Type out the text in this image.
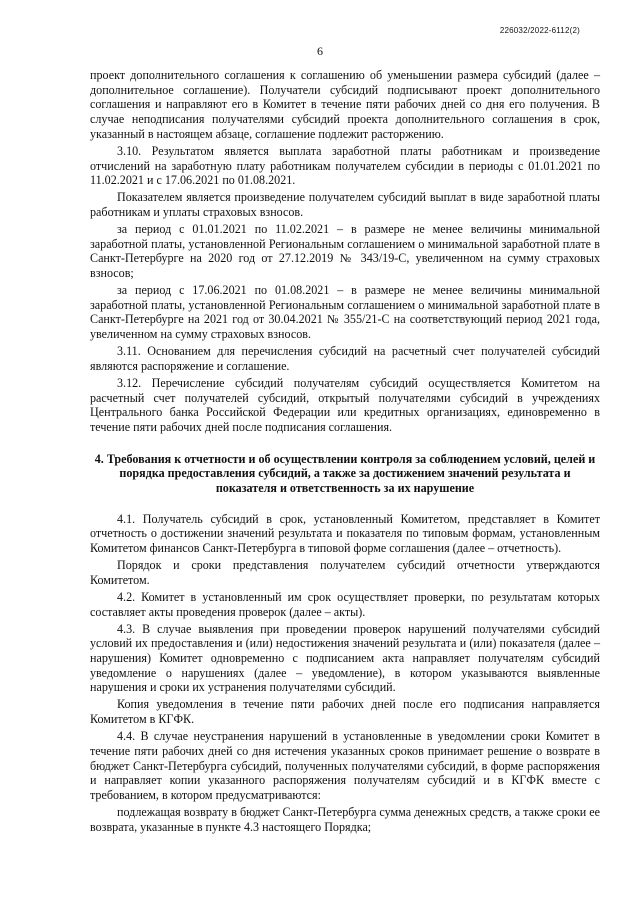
226032/2022-6112(2)
6

проект дополнительного соглашения к соглашению об уменьшении размера субсидий (далее – дополнительное соглашение). Получатели субсидий подписывают проект дополнительного соглашения и направляют его в Комитет в течение пяти рабочих дней со дня его получения. В случае неподписания получателями субсидий проекта дополнительного соглашения в срок, указанный в настоящем абзаце, соглашение подлежит расторжению.

3.10. Результатом является выплата заработной платы работникам и произведение отчислений на заработную плату работникам получателем субсидии в периоды с 01.01.2021 по 11.02.2021 и с 17.06.2021 по 01.08.2021.

Показателем является произведение получателем субсидий выплат в виде заработной платы работникам и уплаты страховых взносов.

за период с 01.01.2021 по 11.02.2021 – в размере не менее величины минимальной заработной платы, установленной Региональным соглашением о минимальной заработной плате в Санкт-Петербурге на 2020 год от 27.12.2019 № 343/19-С, увеличенном на сумму страховых взносов;

за период с 17.06.2021 по 01.08.2021 – в размере не менее величины минимальной заработной платы, установленной Региональным соглашением о минимальной заработной плате в Санкт-Петербурге на 2021 год от 30.04.2021 № 355/21-С на соответствующий период 2021 года, увеличенном на сумму страховых взносов.

3.11. Основанием для перечисления субсидий на расчетный счет получателей субсидий являются распоряжение и соглашение.

3.12. Перечисление субсидий получателям субсидий осуществляется Комитетом на расчетный счет получателей субсидий, открытый получателями субсидий в учреждениях Центрального банка Российской Федерации или кредитных организациях, единовременно в течение пяти рабочих дней после подписания соглашения.

4. Требования к отчетности и об осуществлении контроля за соблюдением условий, целей и порядка предоставления субсидий, а также за достижением значений результата и показателя и ответственность за их нарушение

4.1. Получатель субсидий в срок, установленный Комитетом, представляет в Комитет отчетность о достижении значений результата и показателя по типовым формам, установленным Комитетом финансов Санкт-Петербурга в типовой форме соглашения (далее – отчетность).

Порядок и сроки представления получателем субсидий отчетности утверждаются Комитетом.

4.2. Комитет в установленный им срок осуществляет проверки, по результатам которых составляет акты проведения проверок (далее – акты).

4.3. В случае выявления при проведении проверок нарушений получателями субсидий условий их предоставления и (или) недостижения значений результата и (или) показателя (далее – нарушения) Комитет одновременно с подписанием акта направляет получателям субсидий уведомление о нарушениях (далее – уведомление), в котором указываются выявленные нарушения и сроки их устранения получателями субсидий.

Копия уведомления в течение пяти рабочих дней после его подписания направляется Комитетом в КГФК.

4.4. В случае неустранения нарушений в установленные в уведомлении сроки Комитет в течение пяти рабочих дней со дня истечения указанных сроков принимает решение о возврате в бюджет Санкт-Петербурга субсидий, полученных получателями субсидий, в форме распоряжения и направляет копии указанного распоряжения получателям субсидий и в КГФК вместе с требованием, в котором предусматриваются:

подлежащая возврату в бюджет Санкт-Петербурга сумма денежных средств, а также сроки ее возврата, указанные в пункте 4.3 настоящего Порядка;
